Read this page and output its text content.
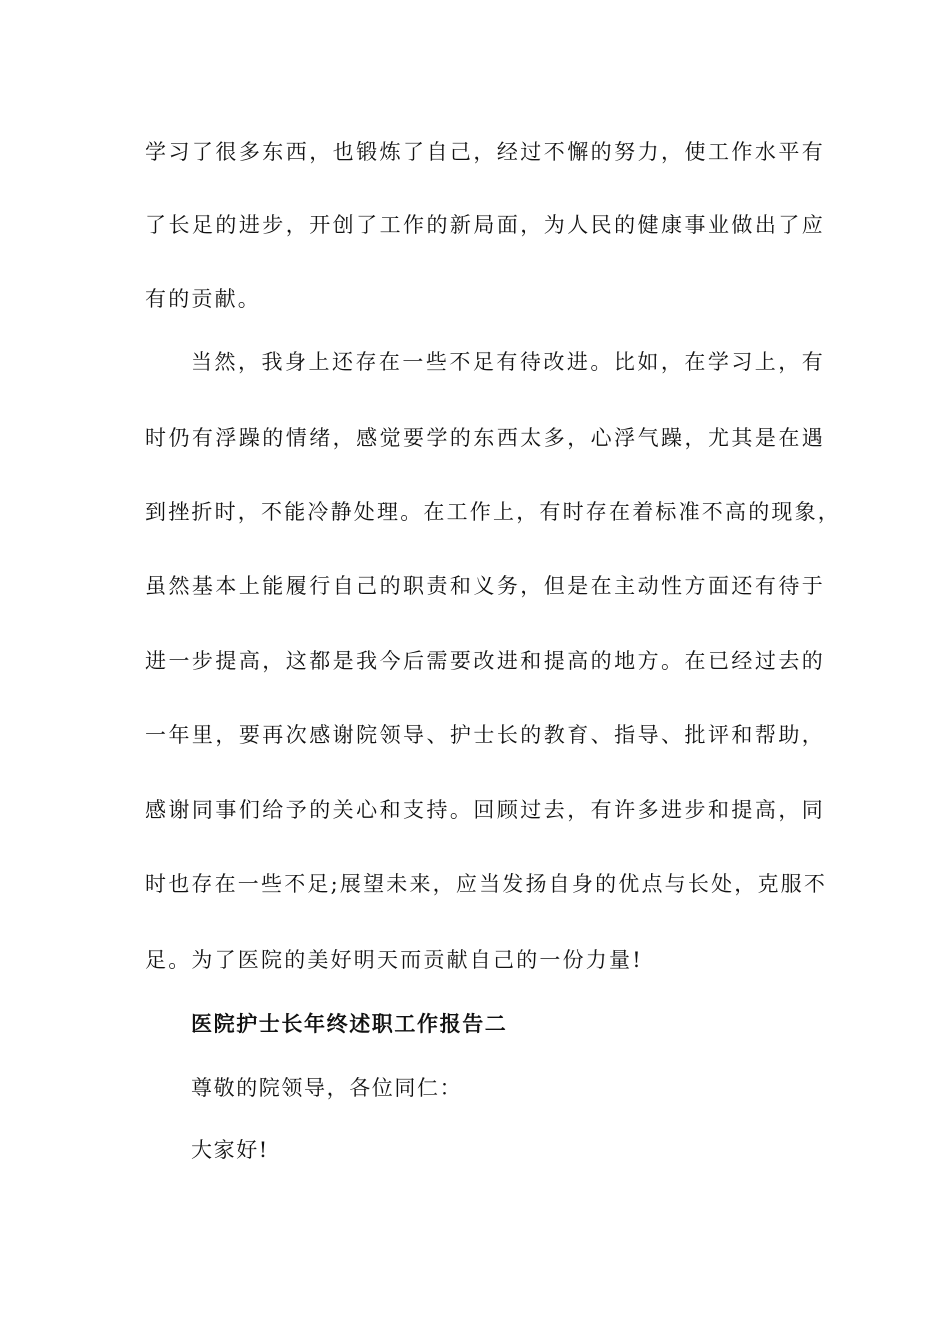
学习了很多东西，也锻炼了自己，经过不懈的努力，使工作水平有
了长足的进步，开创了工作的新局面，为人民的健康事业做出了应
有的贡献。
当然，我身上还存在一些不足有待改进。比如，在学习上，有
时仍有浮躁的情绪，感觉要学的东西太多，心浮气躁，尤其是在遇
到挫折时，不能冷静处理。在工作上，有时存在着标准不高的现象，
虽然基本上能履行自己的职责和义务，但是在主动性方面还有待于
进一步提高，这都是我今后需要改进和提高的地方。在已经过去的
一年里，要再次感谢院领导、护士长的教育、指导、批评和帮助，
感谢同事们给予的关心和支持。回顾过去，有许多进步和提高，同
时也存在一些不足;展望未来，应当发扬自身的优点与长处，克服不
足。为了医院的美好明天而贡献自己的一份力量!
医院护士长年终述职工作报告二
尊敬的院领导，各位同仁：
大家好!
